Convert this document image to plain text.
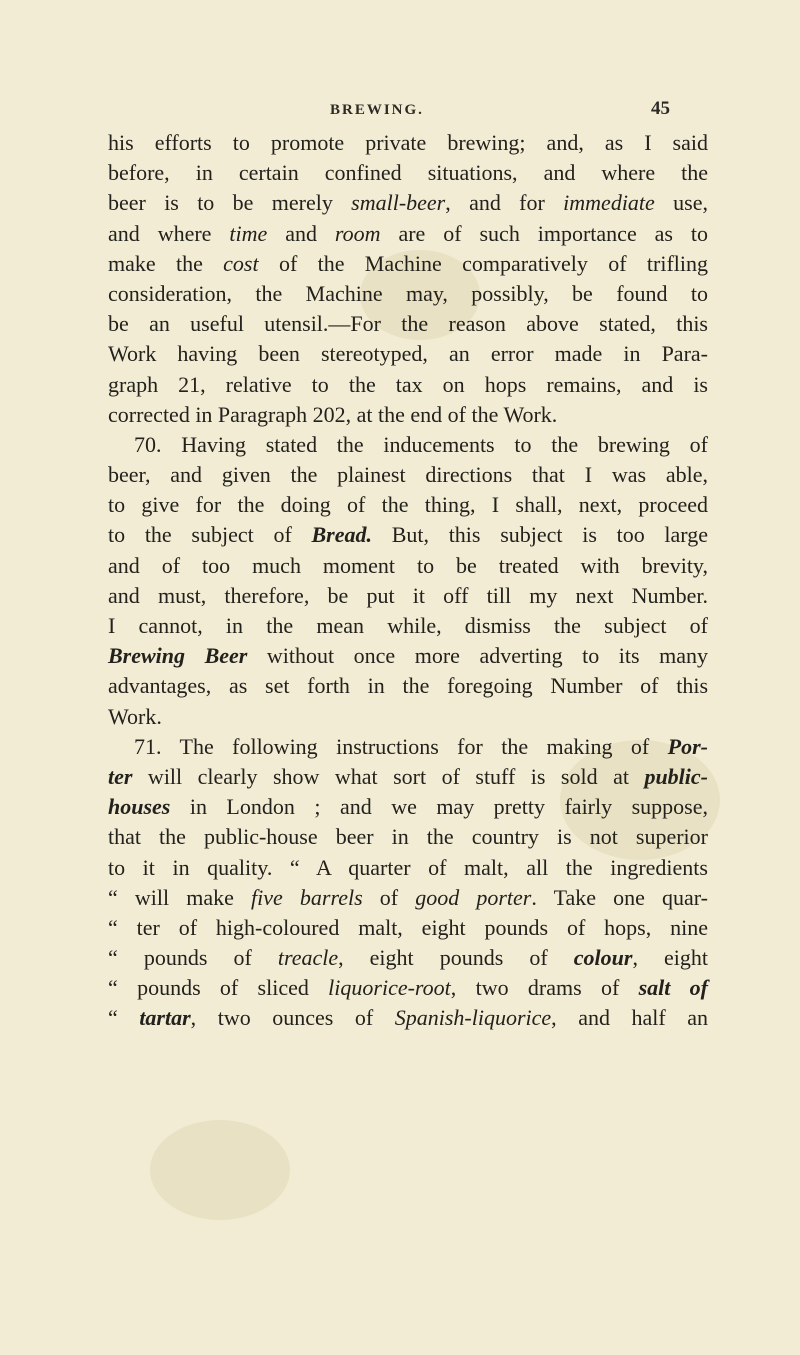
BREWING.	45
his efforts to promote private brewing; and, as I said
before, in certain confined situations, and where the
beer is to be merely small-beer, and for immediate use,
and where time and room are of such importance as to
make the cost of the Machine comparatively of trifling
consideration, the Machine may, possibly, be found to
be an useful utensil.—For the reason above stated, this
Work having been stereotyped, an error made in Para-
graph 21, relative to the tax on hops remains, and is
corrected in Paragraph 202, at the end of the Work.
70. Having stated the inducements to the brewing of
beer, and given the plainest directions that I was able,
to give for the doing of the thing, I shall, next, proceed
to the subject of Bread. But, this subject is too large
and of too much moment to be treated with brevity,
and must, therefore, be put it off till my next Number.
I cannot, in the mean while, dismiss the subject of
Brewing Beer without once more adverting to its many
advantages, as set forth in the foregoing Number of this
Work.
71. The following instructions for the making of Por-
ter will clearly show what sort of stuff is sold at public-
houses in London ; and we may pretty fairly suppose,
that the public-house beer in the country is not superior
to it in quality. “ A quarter of malt, all the ingredients
“ will make five barrels of good porter. Take one quar-
“ ter of high-coloured malt, eight pounds of hops, nine
“ pounds of treacle, eight pounds of colour, eight
“ pounds of sliced liquorice-root, two drams of salt of
“ tartar, two ounces of Spanish-liquorice, and half an
